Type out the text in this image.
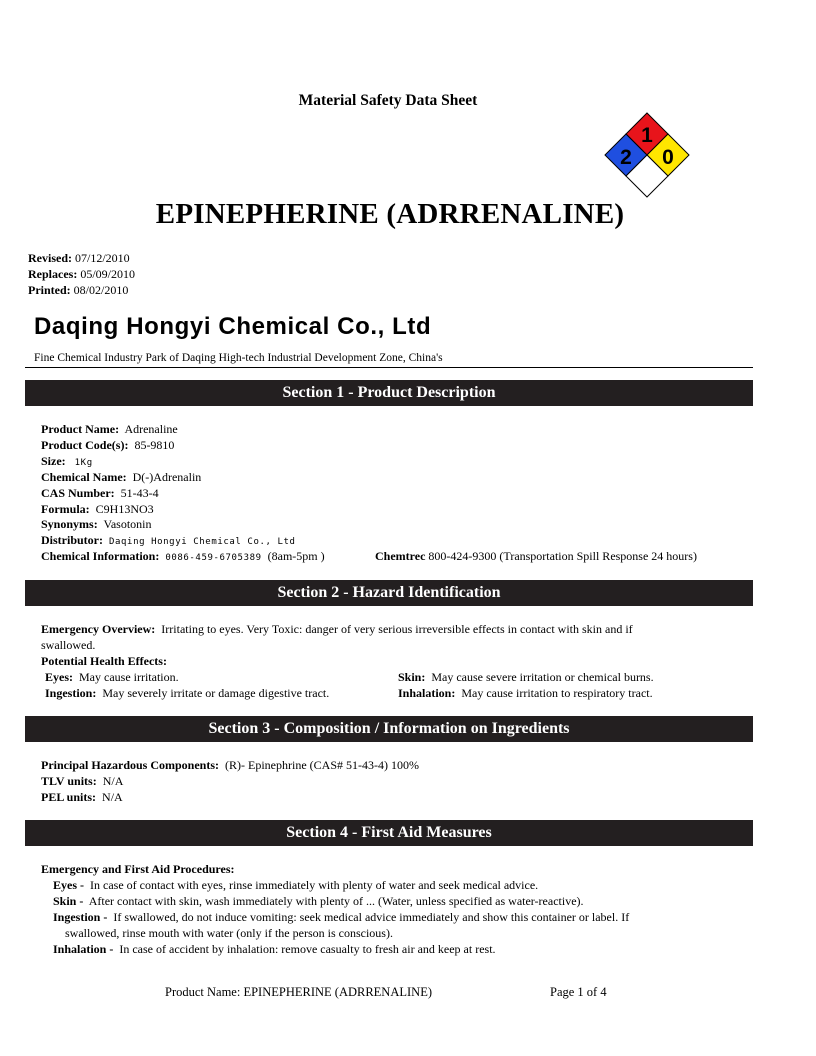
Material Safety Data Sheet
1
2 0
EPINEPHERINE (ADRRENALINE)
Revised: 07/12/2010
Replaces: 05/09/2010
Printed: 08/02/2010
Daqing Hongyi Chemical Co., Ltd
Fine Chemical Industry Park of Daqing High-tech Industrial Development Zone, China's
Section 1 - Product Description
Product Name: Adrenaline
Product Code(s): 85-9810
Size: 1Kg
Chemical Name: D(-)Adrenalin
CAS Number: 51-43-4
Formula: C9H13NO3
Synonyms: Vasotonin
Distributor: Daqing Hongyi Chemical Co., Ltd
Chemical Information: 0086-459-6705389 (8am-5pm )	Chemtrec 800-424-9300 (Transportation Spill Response 24 hours)
Section 2 - Hazard Identification
Emergency Overview: Irritating to eyes. Very Toxic: danger of very serious irreversible effects in contact with skin and if
swallowed.
Potential Health Effects:
Eyes: May cause irritation.	Skin: May cause severe irritation or chemical burns.
Ingestion: May severely irritate or damage digestive tract.	Inhalation: May cause irritation to respiratory tract.
Section 3 - Composition / Information on Ingredients
Principal Hazardous Components: (R)- Epinephrine (CAS# 51-43-4) 100%
TLV units: N/A
PEL units: N/A
Section 4 - First Aid Measures
Emergency and First Aid Procedures:
Eyes - In case of contact with eyes, rinse immediately with plenty of water and seek medical advice.
Skin - After contact with skin, wash immediately with plenty of ... (Water, unless specified as water-reactive).
Ingestion - If swallowed, do not induce vomiting: seek medical advice immediately and show this container or label. If
swallowed, rinse mouth with water (only if the person is conscious).
Inhalation - In case of accident by inhalation: remove casualty to fresh air and keep at rest.
Product Name: EPINEPHERINE (ADRRENALINE)	Page 1 of 4
